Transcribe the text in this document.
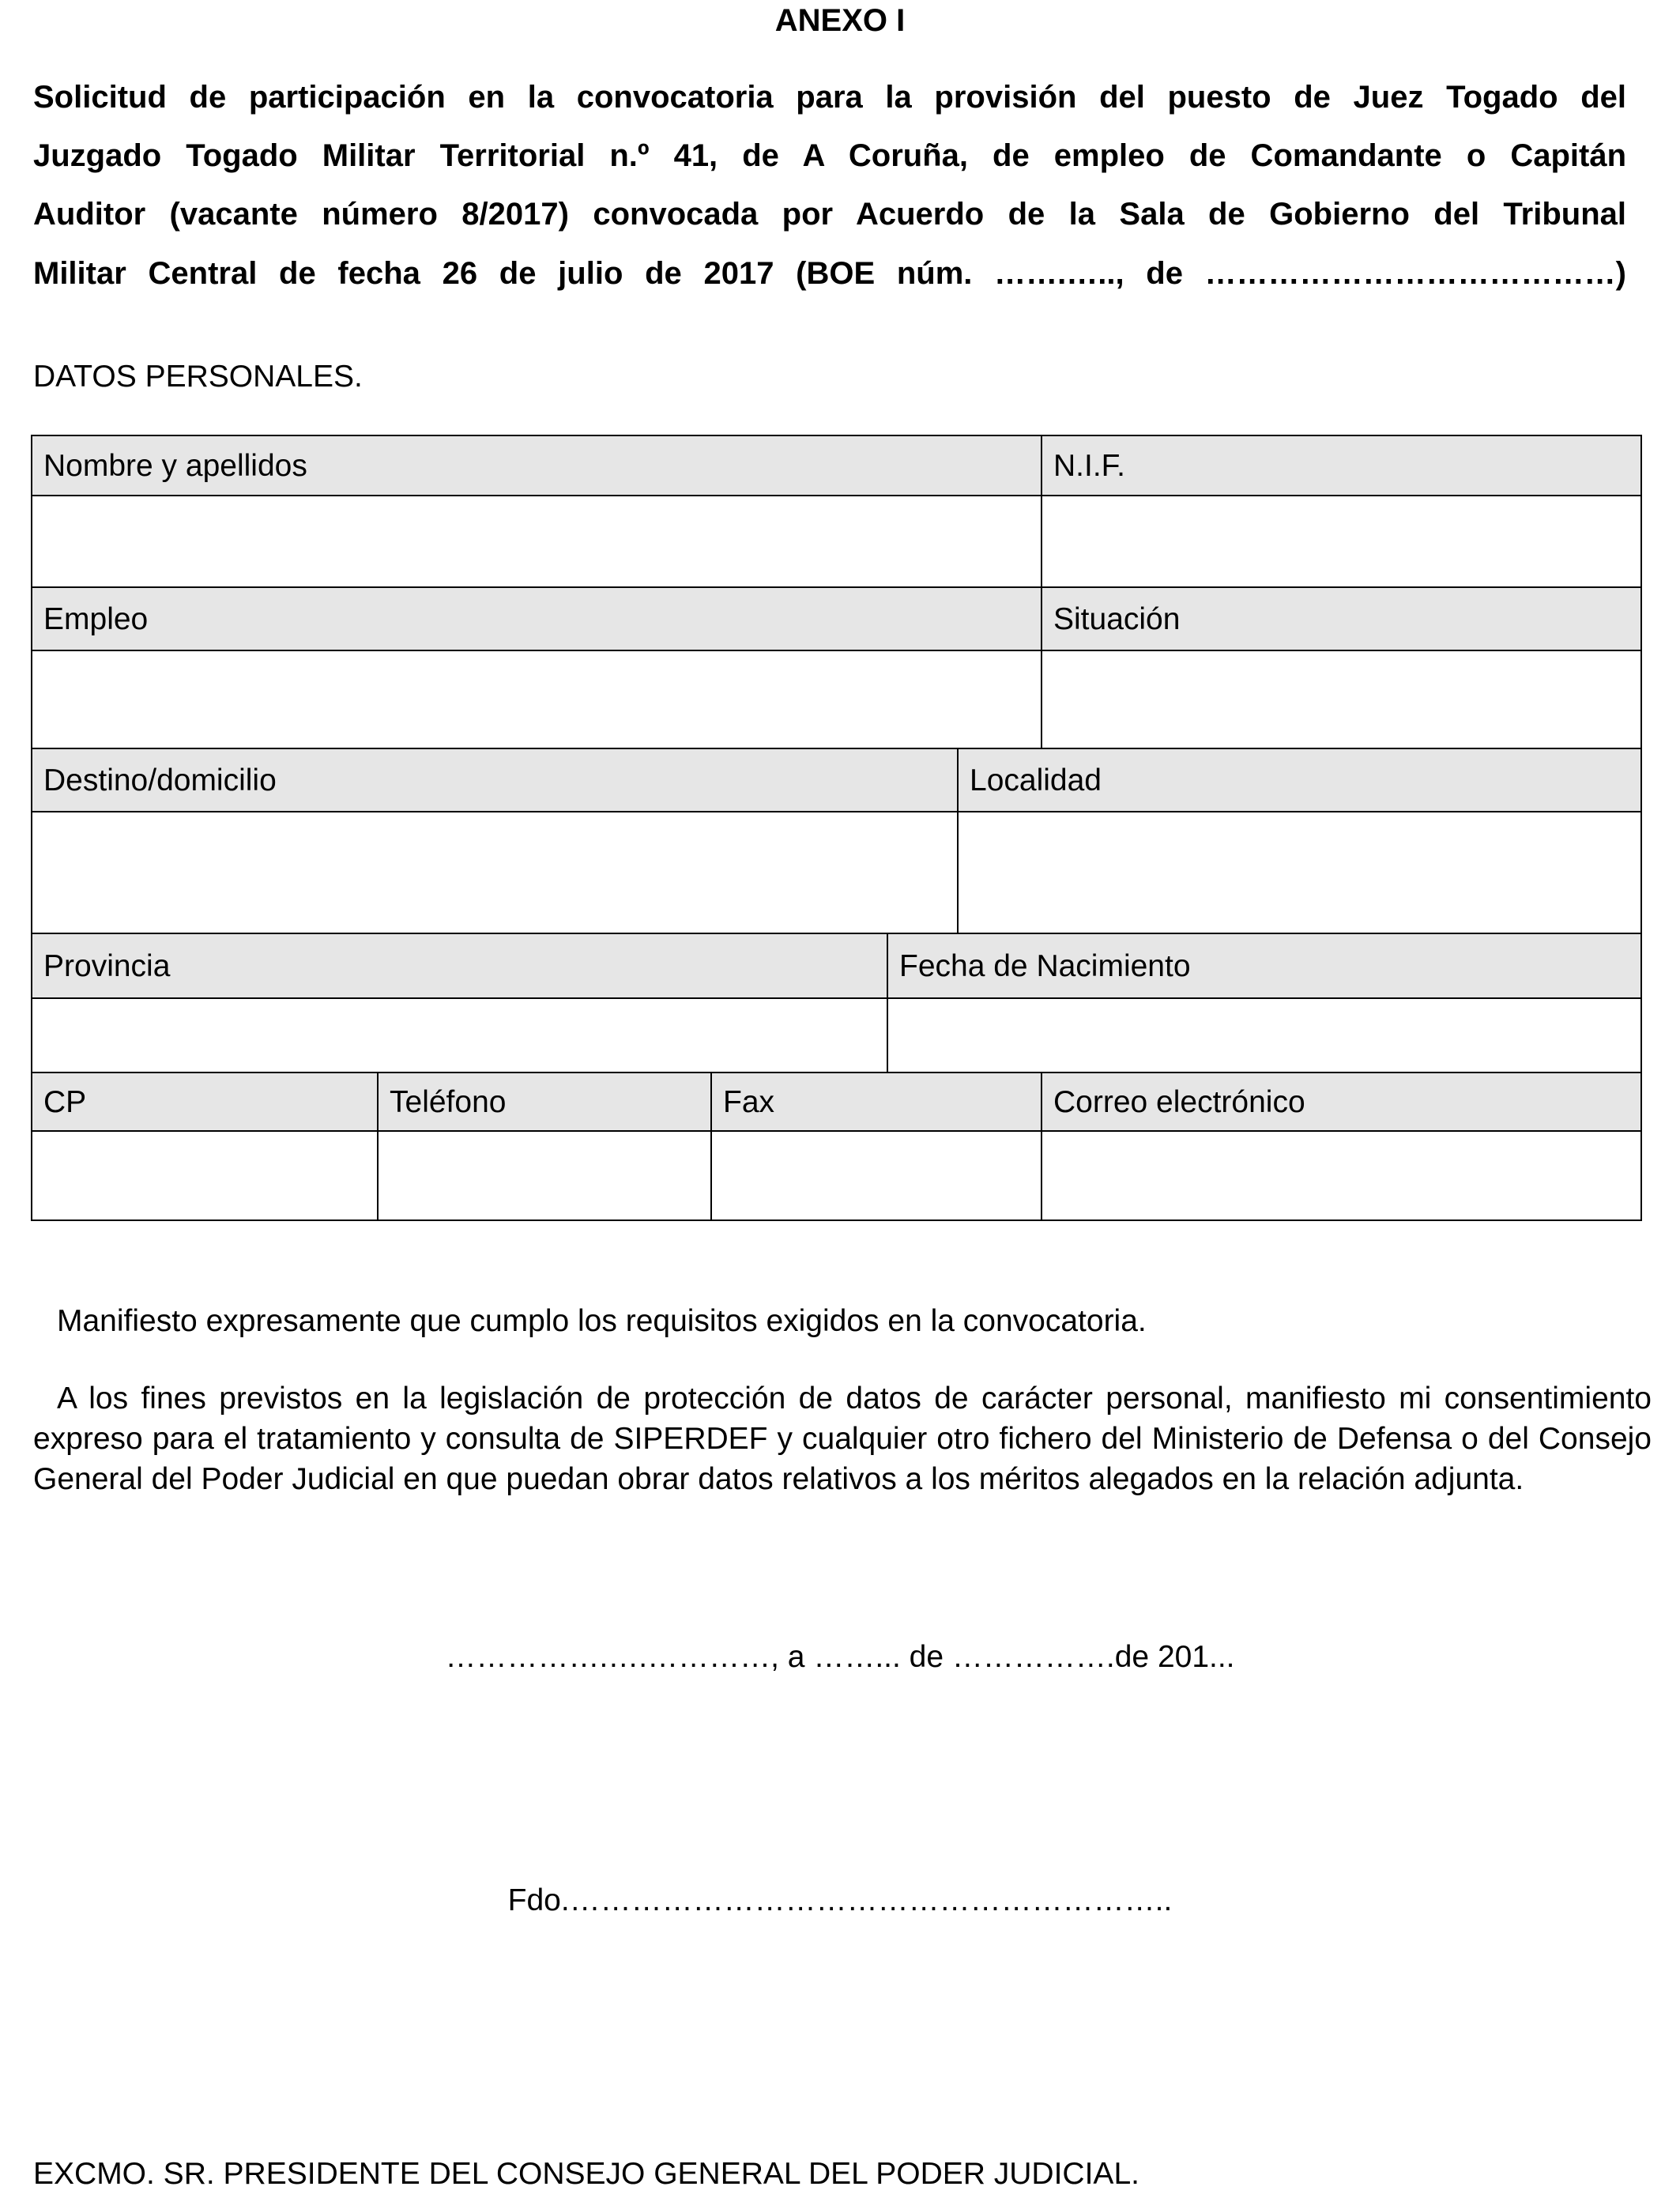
ANEXO I
Solicitud de participación en la convocatoria para la provisión del puesto de Juez Togado del
Juzgado Togado Militar Territorial n.º 41, de A Coruña, de empleo de Comandante o Capitán
Auditor (vacante número 8/2017) convocada por Acuerdo de la Sala de Gobierno del Tribunal
Militar Central de fecha 26 de julio de 2017 (BOE núm. …….….., de …………………………………)
DATOS PERSONALES.
Nombre y apellidos	N.I.F.
Empleo	Situación
Destino/domicilio	Localidad
Provincia	Fecha de Nacimiento
CP	Teléfono	Fax	Correo electrónico
Manifiesto expresamente que cumplo los requisitos exigidos en la convocatoria.
A los fines previstos en la legislación de protección de datos de carácter personal, manifiesto mi consentimiento expreso para el tratamiento y consulta de SIPERDEF y cualquier otro fichero del Ministerio de Defensa o del Consejo General del Poder Judicial en que puedan obrar datos relativos a los méritos alegados en la relación adjunta.
…………….….…………, a ……... de …………….de 201...
Fdo.…………………………………………………..
EXCMO. SR. PRESIDENTE DEL CONSEJO GENERAL DEL PODER JUDICIAL.
